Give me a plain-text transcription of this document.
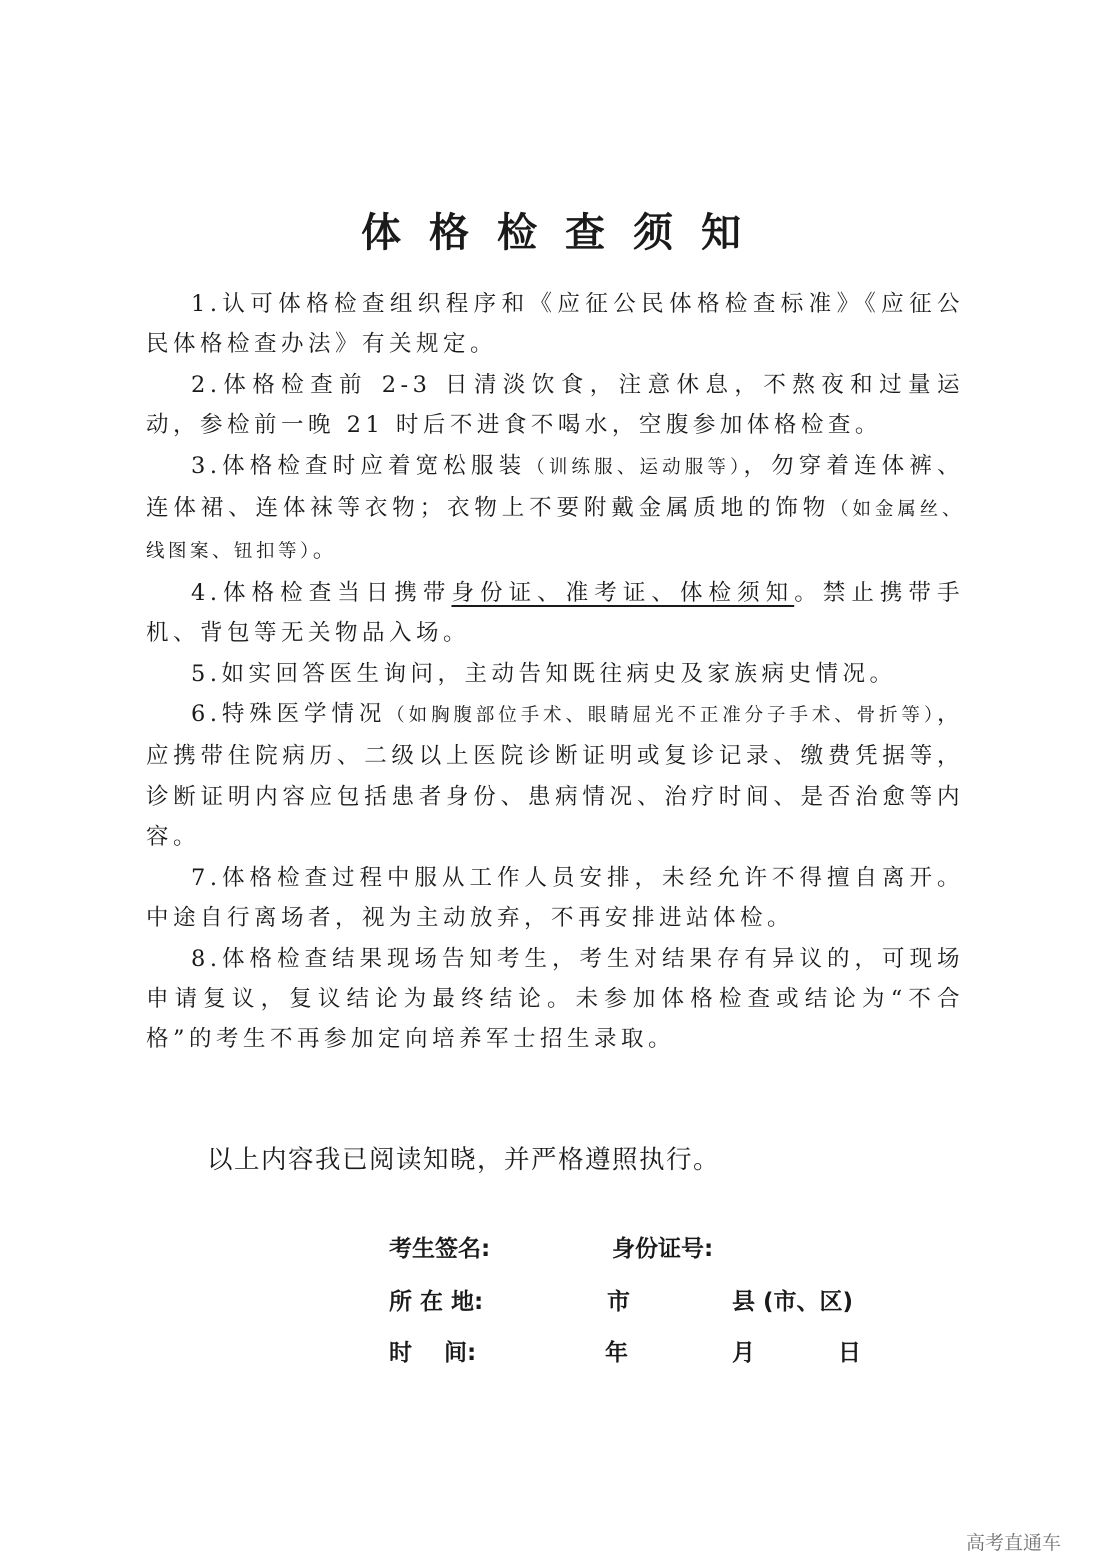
体格检查须知

1.认可体格检查组织程序和《应征公民体格检查标准》《应征公民体格检查办法》有关规定。

2.体格检查前 2-3 日清淡饮食，注意休息，不熬夜和过量运动，参检前一晚 21 时后不进食不喝水，空腹参加体格检查。

3.体格检查时应着宽松服装（训练服、运动服等），勿穿着连体裤、连体裙、连体袜等衣物；衣物上不要附戴金属质地的饰物（如金属丝、线图案、钮扣等）。

4.体格检查当日携带身份证、准考证、体检须知。禁止携带手机、背包等无关物品入场。

5.如实回答医生询问，主动告知既往病史及家族病史情况。

6.特殊医学情况（如胸腹部位手术、眼睛屈光不正准分子手术、骨折等），应携带住院病历、二级以上医院诊断证明或复诊记录、缴费凭据等，诊断证明内容应包括患者身份、患病情况、治疗时间、是否治愈等内容。

7.体格检查过程中服从工作人员安排，未经允许不得擅自离开。中途自行离场者，视为主动放弃，不再安排进站体检。

8.体格检查结果现场告知考生，考生对结果存有异议的，可现场申请复议，复议结论为最终结论。未参加体格检查或结论为“不合格”的考生不再参加定向培养军士招生录取。

以上内容我已阅读知晓，并严格遵照执行。
考生签名:	身份证号:
所 在 地:	市	县 (市、区)
时    间:	年	月	日
高考直通车
